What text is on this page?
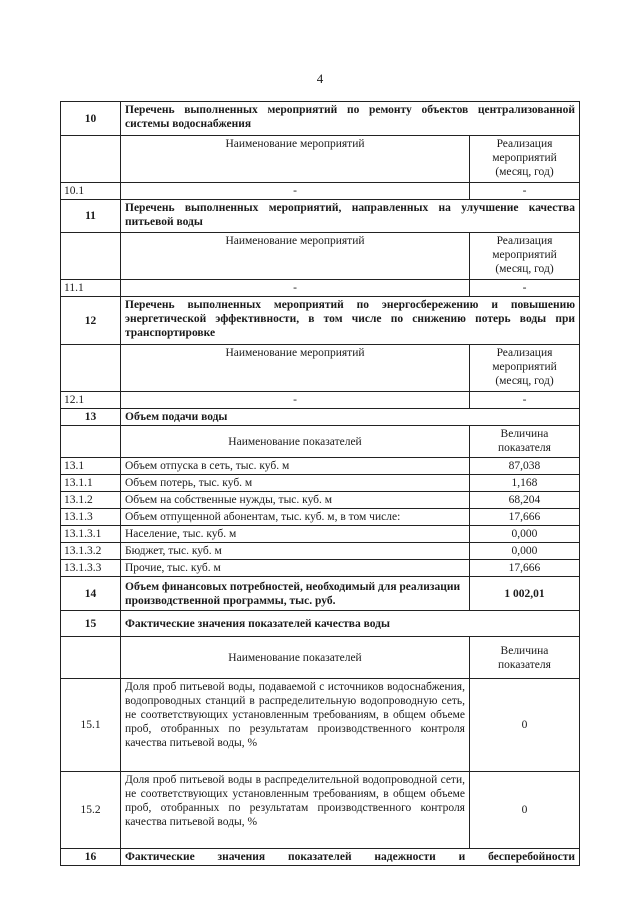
4
10	Перечень выполненных мероприятий по ремонту объектов централизованной системы водоснабжения	
	Наименование мероприятий	Реализация мероприятий (месяц, год)
10.1	-	-
11	Перечень выполненных мероприятий, направленных на улучшение качества питьевой воды	
	Наименование мероприятий	Реализация мероприятий (месяц, год)
11.1	-	-
12	Перечень выполненных мероприятий по энергосбережению и повышению энергетической эффективности, в том числе по снижению потерь воды при транспортировке	
	Наименование мероприятий	Реализация мероприятий (месяц, год)
12.1	-	-
13	Объем подачи воды	
	Наименование показателей	Величина показателя
13.1	Объем отпуска в сеть, тыс. куб. м	87,038
13.1.1	Объем потерь, тыс. куб. м	1,168
13.1.2	Объем на собственные нужды, тыс. куб. м	68,204
13.1.3	Объем отпущенной абонентам, тыс. куб. м, в том числе:	17,666
13.1.3.1	Население, тыс. куб. м	0,000
13.1.3.2	Бюджет, тыс. куб. м	0,000
13.1.3.3	Прочие, тыс. куб. м	17,666
14	Объем финансовых потребностей, необходимый для реализации производственной программы, тыс. руб.	1 002,01
15	Фактические значения показателей качества воды	
	Наименование показателей	Величина показателя
15.1	Доля проб питьевой воды, подаваемой с источников водоснабжения, водопроводных станций в распределительную водопроводную сеть, не соответствующих установленным требованиям, в общем объеме проб, отобранных по результатам производственного контроля качества питьевой воды, %	0
15.2	Доля проб питьевой воды в распределительной водопроводной сети, не соответствующих установленным требованиям, в общем объеме проб, отобранных по результатам производственного контроля качества питьевой воды, %	0
16	Фактические значения показателей надежности и бесперебойности	
